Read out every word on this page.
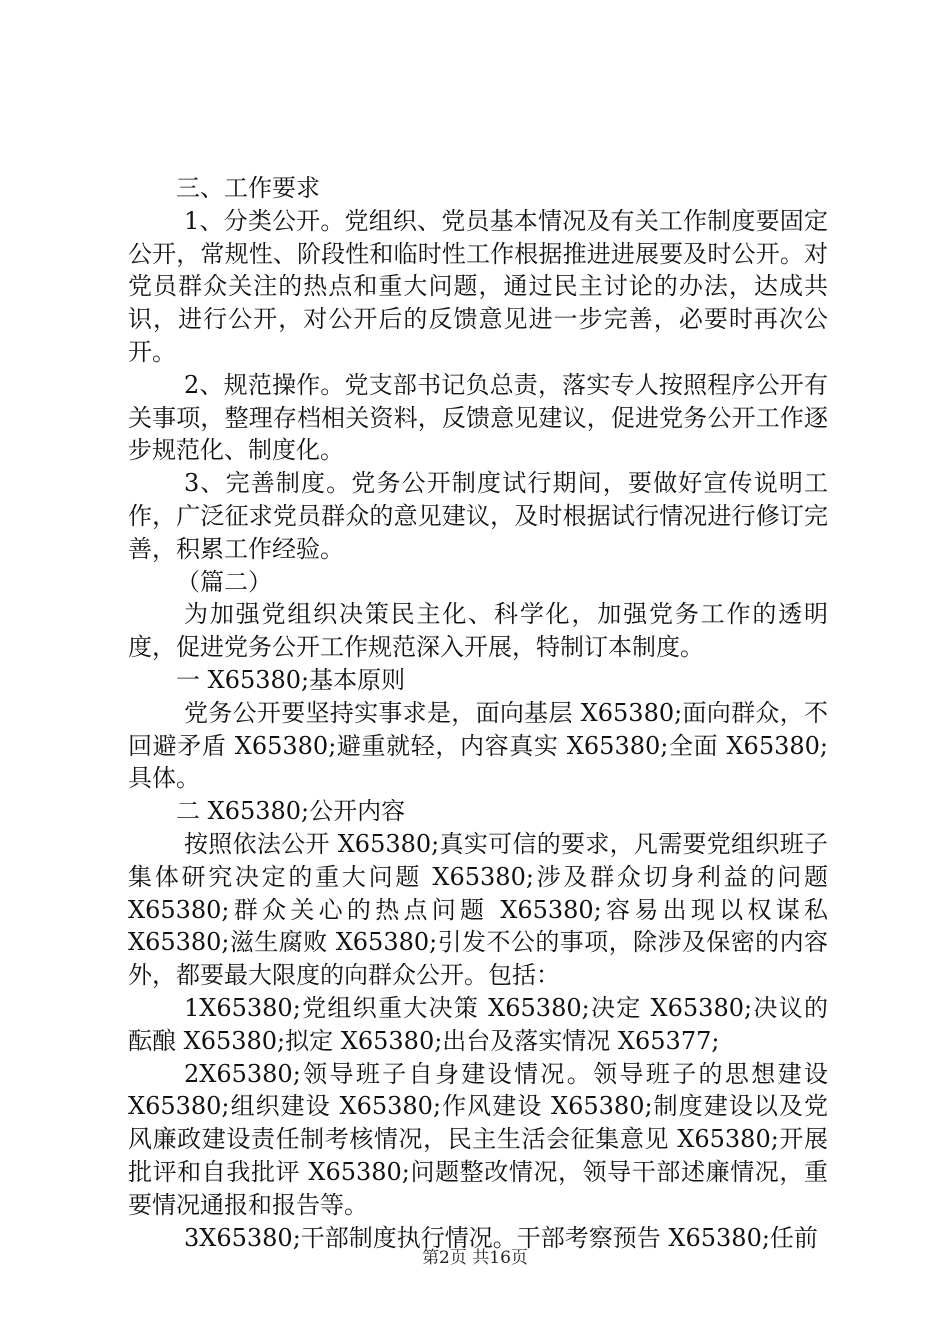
三、工作要求

1、分类公开。党组织、党员基本情况及有关工作制度要固定公开，常规性、阶段性和临时性工作根据推进进展要及时公开。对党员群众关注的热点和重大问题，通过民主讨论的办法，达成共识，进行公开，对公开后的反馈意见进一步完善，必要时再次公开。

2、规范操作。党支部书记负总责，落实专人按照程序公开有关事项，整理存档相关资料，反馈意见建议，促进党务公开工作逐步规范化、制度化。

3、完善制度。党务公开制度试行期间，要做好宣传说明工作，广泛征求党员群众的意见建议，及时根据试行情况进行修订完善，积累工作经验。

（篇二）

为加强党组织决策民主化、科学化，加强党务工作的透明度，促进党务公开工作规范深入开展，特制订本制度。

一 X65380;基本原则

党务公开要坚持实事求是，面向基层 X65380;面向群众，不回避矛盾 X65380;避重就轻，内容真实 X65380;全面 X65380;具体。

二 X65380;公开内容

按照依法公开 X65380;真实可信的要求，凡需要党组织班子集体研究决定的重大问题 X65380;涉及群众切身利益的问题 X65380;群众关心的热点问题 X65380;容易出现以权谋私 X65380;滋生腐败 X65380;引发不公的事项，除涉及保密的内容外，都要最大限度的向群众公开。包括：

1X65380;党组织重大决策 X65380;决定 X65380;决议的酝酿 X65380;拟定 X65380;出台及落实情况 X65377;

2X65380;领导班子自身建设情况。领导班子的思想建设 X65380;组织建设 X65380;作风建设 X65380;制度建设以及党风廉政建设责任制考核情况，民主生活会征集意见 X65380;开展批评和自我批评 X65380;问题整改情况，领导干部述廉情况，重要情况通报和报告等。

3X65380;干部制度执行情况。干部考察预告 X65380;任前

第2页 共16页
